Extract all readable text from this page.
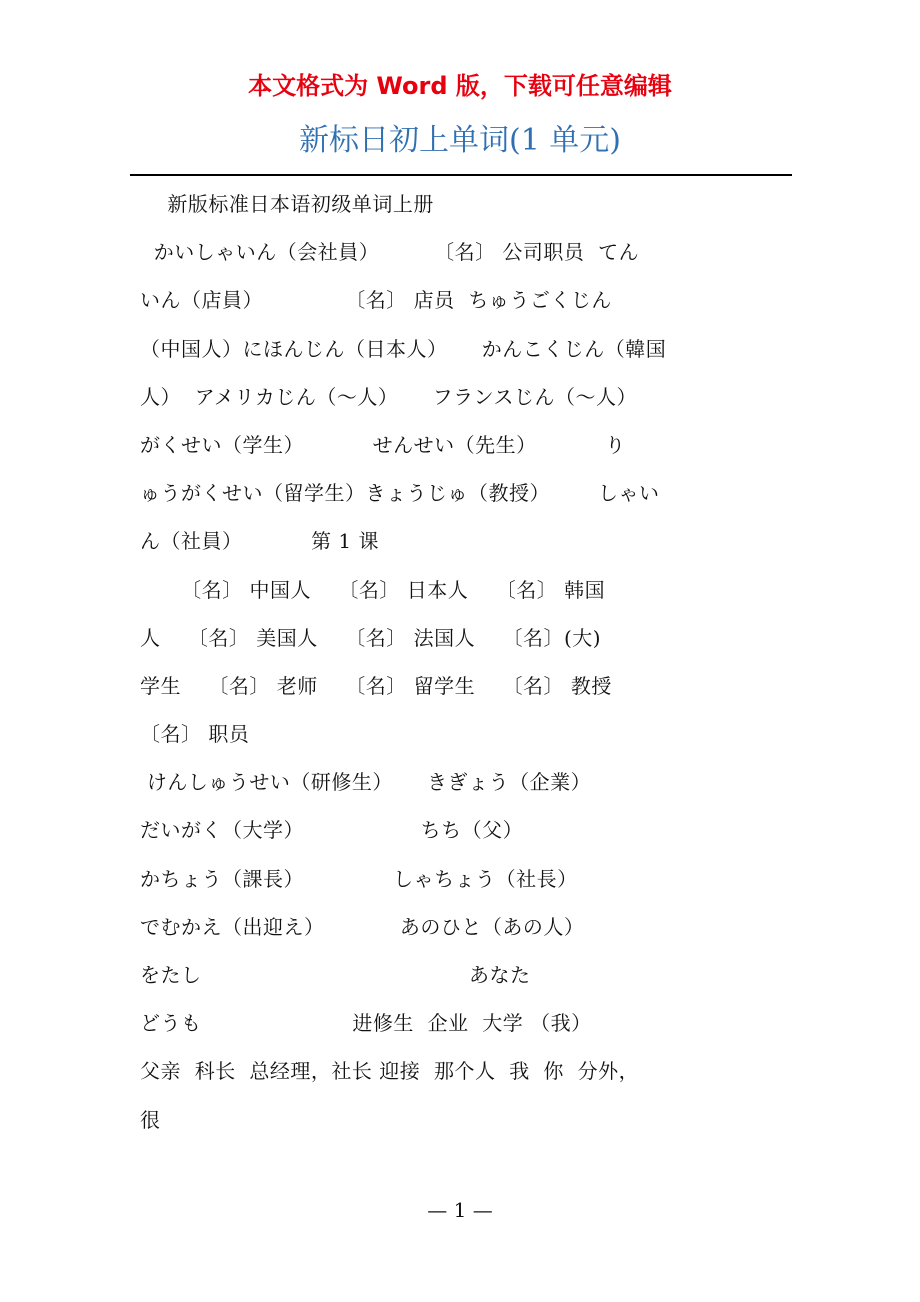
本文格式为 Word 版，下载可任意编辑
新标日初上单词(1 单元)
新版标准日本语初级单词上册
かいしゃいん（会社員）        〔名〕 公司职员  てん
いん（店員）            〔名〕 店员  ちゅうごくじん
（中国人）にほんじん（日本人）     かんこくじん（韓国
人）  アメリカじん（～人）     フランスじん（～人）
がくせい（学生）          せんせい（先生）          り
ゅうがくせい（留学生）きょうじゅ（教授）       しゃい
ん（社員）          第 1 课
〔名〕 中国人    〔名〕 日本人    〔名〕 韩国
人    〔名〕 美国人    〔名〕 法国人    〔名〕(大)
学生    〔名〕 老师    〔名〕 留学生    〔名〕 教授
〔名〕 职员
けんしゅうせい（研修生）     きぎょう（企業）
だいがく（大学）                 ちち（父）
かちょう（課長）             しゃちょう（社長）
でむかえ（出迎え）           あのひと（あの人）
をたし                                       あなた
どうも                      进修生  企业  大学 （我）
父亲  科长  总经理，社长 迎接  那个人  我  你  分外，
很
— 1 —
